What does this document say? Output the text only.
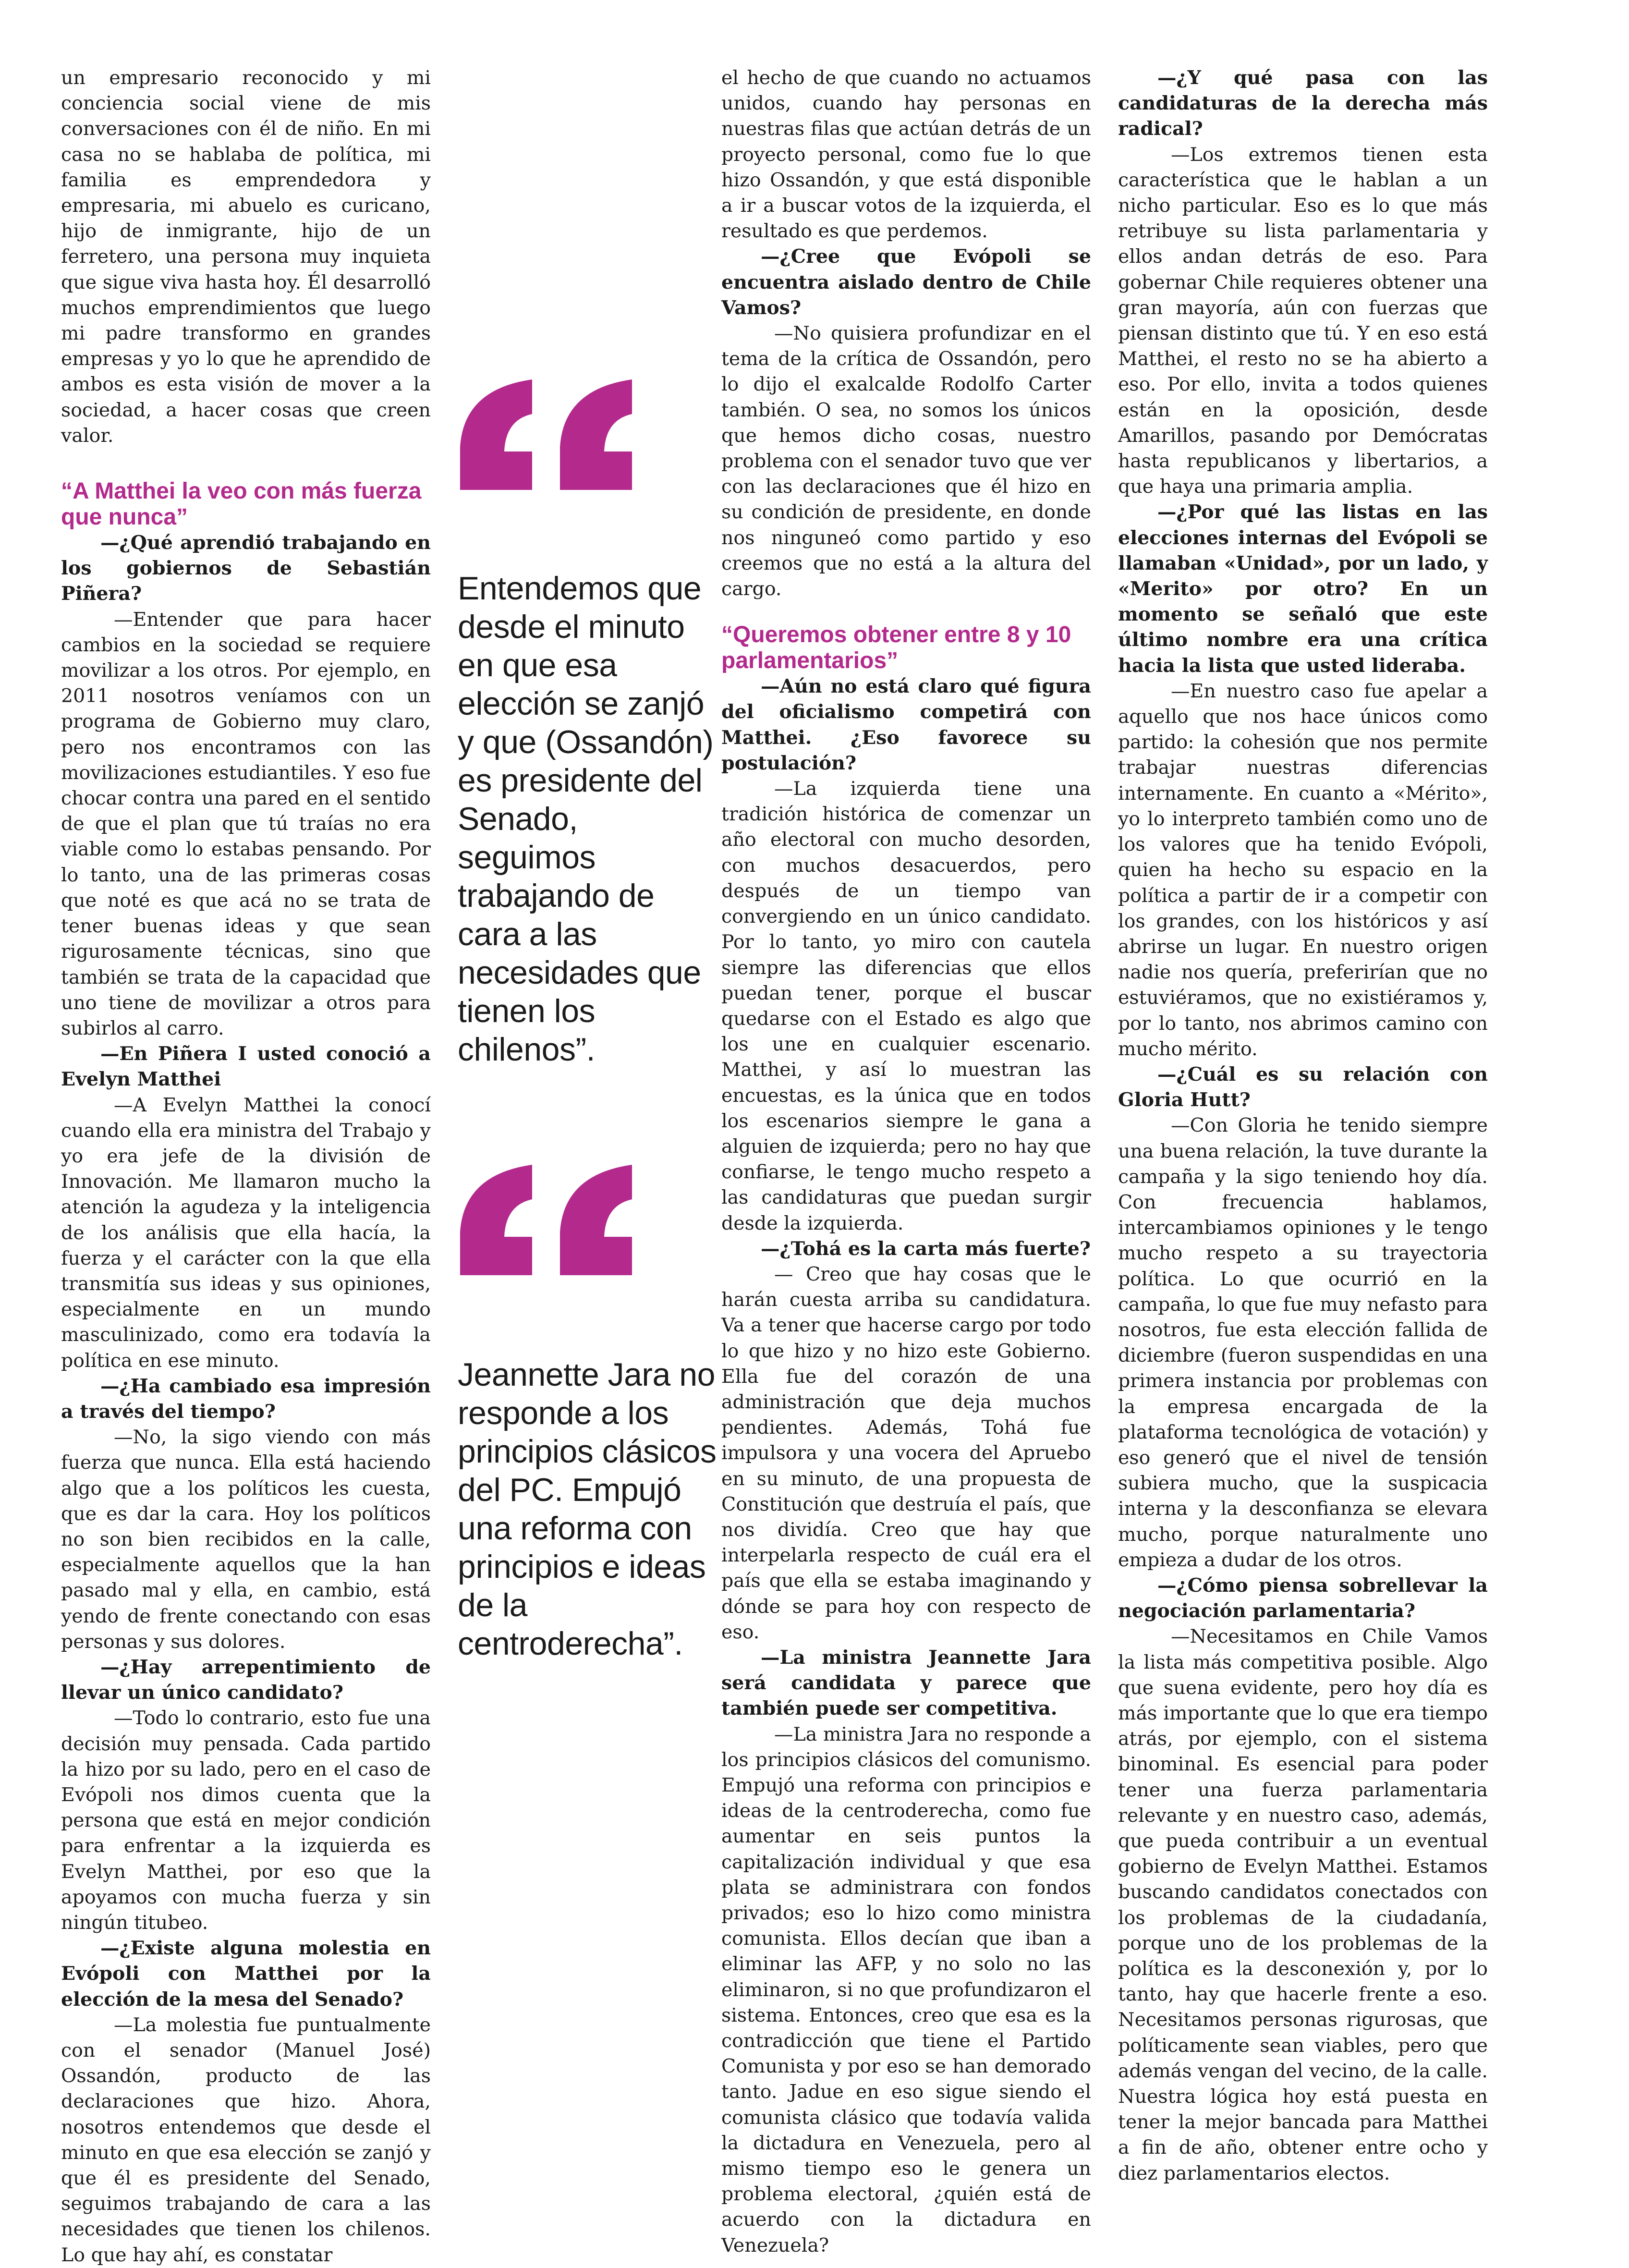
un empresario reconocido y mi conciencia social viene de mis conversaciones con él de niño. En mi casa no se hablaba de política, mi familia es emprendedora y empresaria, mi abuelo es curicano, hijo de inmigrante, hijo de un ferretero, una persona muy inquieta que sigue viva hasta hoy. Él desarrolló muchos emprendimientos que luego mi padre transformo en grandes empresas y yo lo que he aprendido de ambos es esta visión de mover a la sociedad, a hacer cosas que creen valor.

“A Matthei la veo con más fuerza que nunca”

—¿Qué aprendió trabajando en los gobiernos de Sebastián Piñera?

—Entender que para hacer cambios en la sociedad se requiere movilizar a los otros. Por ejemplo, en 2011 nosotros veníamos con un programa de Gobierno muy claro, pero nos encontramos con las movilizaciones estudiantiles. Y eso fue chocar contra una pared en el sentido de que el plan que tú traías no era viable como lo estabas pensando. Por lo tanto, una de las primeras cosas que noté es que acá no se trata de tener buenas ideas y que sean rigurosamente técnicas, sino que también se trata de la capacidad que uno tiene de movilizar a otros para subirlos al carro.

—En Piñera I usted conoció a Evelyn Matthei

—A Evelyn Matthei la conocí cuando ella era ministra del Trabajo y yo era jefe de la división de Innovación. Me llamaron mucho la atención la agudeza y la inteligencia de los análisis que ella hacía, la fuerza y el carácter con la que ella transmitía sus ideas y sus opiniones, especialmente en un mundo masculinizado, como era todavía la política en ese minuto.

—¿Ha cambiado esa impresión a través del tiempo?

—No, la sigo viendo con más fuerza que nunca. Ella está haciendo algo que a los políticos les cuesta, que es dar la cara. Hoy los políticos no son bien recibidos en la calle, especialmente aquellos que la han pasado mal y ella, en cambio, está yendo de frente conectando con esas personas y sus dolores.

—¿Hay arrepentimiento de llevar un único candidato?

—Todo lo contrario, esto fue una decisión muy pensada. Cada partido la hizo por su lado, pero en el caso de Evópoli nos dimos cuenta que la persona que está en mejor condición para enfrentar a la izquierda es Evelyn Matthei, por eso que la apoyamos con mucha fuerza y sin ningún titubeo.

—¿Existe alguna molestia en Evópoli con Matthei por la elección de la mesa del Senado?

—La molestia fue puntualmente con el senador (Manuel José) Ossandón, producto de las declaraciones que hizo. Ahora, nosotros entendemos que desde el minuto en que esa elección se zanjó y que él es presidente del Senado, seguimos trabajando de cara a las necesidades que tienen los chilenos. Lo que hay ahí, es constatar

Entendemos que desde el minuto en que esa elección se zanjó y que (Ossandón) es presidente del Senado, seguimos trabajando de cara a las necesidades que tienen los chilenos”.
Jeannette Jara no responde a los principios clásicos del PC. Empujó una reforma con principios e ideas de la centroderecha”.

el hecho de que cuando no actuamos unidos, cuando hay personas en nuestras filas que actúan detrás de un proyecto personal, como fue lo que hizo Ossandón, y que está disponible a ir a buscar votos de la izquierda, el resultado es que perdemos.

—¿Cree que Evópoli se encuentra aislado dentro de Chile Vamos?

—No quisiera profundizar en el tema de la crítica de Ossandón, pero lo dijo el exalcalde Rodolfo Carter también. O sea, no somos los únicos que hemos dicho cosas, nuestro problema con el senador tuvo que ver con las declaraciones que él hizo en su condición de presidente, en donde nos ninguneó como partido y eso creemos que no está a la altura del cargo.

“Queremos obtener entre 8 y 10 parlamentarios”

—Aún no está claro qué figura del oficialismo competirá con Matthei. ¿Eso favorece su postulación?

—La izquierda tiene una tradición histórica de comenzar un año electoral con mucho desorden, con muchos desacuerdos, pero después de un tiempo van convergiendo en un único candidato. Por lo tanto, yo miro con cautela siempre las diferencias que ellos puedan tener, porque el buscar quedarse con el Estado es algo que los une en cualquier escenario. Matthei, y así lo muestran las encuestas, es la única que en todos los escenarios siempre le gana a alguien de izquierda; pero no hay que confiarse, le tengo mucho respeto a las candidaturas que puedan surgir desde la izquierda.

—¿Tohá es la carta más fuerte?

— Creo que hay cosas que le harán cuesta arriba su candidatura. Va a tener que hacerse cargo por todo lo que hizo y no hizo este Gobierno. Ella fue del corazón de una administración que deja muchos pendientes. Además, Tohá fue impulsora y una vocera del Apruebo en su minuto, de una propuesta de Constitución que destruía el país, que nos dividía. Creo que hay que interpelarla respecto de cuál era el país que ella se estaba imaginando y dónde se para hoy con respecto de eso.

—La ministra Jeannette Jara será candidata y parece que también puede ser competitiva.

—La ministra Jara no responde a los principios clásicos del comunismo. Empujó una reforma con principios e ideas de la centroderecha, como fue aumentar en seis puntos la capitalización individual y que esa plata se administrara con fondos privados; eso lo hizo como ministra comunista. Ellos decían que iban a eliminar las AFP, y no solo no las eliminaron, si no que profundizaron el sistema. Entonces, creo que esa es la contradicción que tiene el Partido Comunista y por eso se han demorado tanto. Jadue en eso sigue siendo el comunista clásico que todavía valida la dictadura en Venezuela, pero al mismo tiempo eso le genera un problema electoral, ¿quién está de acuerdo con la dictadura en Venezuela?

—¿Y qué pasa con las candidaturas de la derecha más radical?

—Los extremos tienen esta característica que le hablan a un nicho particular. Eso es lo que más retribuye su lista parlamentaria y ellos andan detrás de eso. Para gobernar Chile requieres obtener una gran mayoría, aún con fuerzas que piensan distinto que tú. Y en eso está Matthei, el resto no se ha abierto a eso. Por ello, invita a todos quienes están en la oposición, desde Amarillos, pasando por Demócratas hasta republicanos y libertarios, a que haya una primaria amplia.

—¿Por qué las listas en las elecciones internas del Evópoli se llamaban «Unidad», por un lado, y «Merito» por otro? En un momento se señaló que este último nombre era una crítica hacia la lista que usted lideraba.

—En nuestro caso fue apelar a aquello que nos hace únicos como partido: la cohesión que nos permite trabajar nuestras diferencias internamente. En cuanto a «Mérito», yo lo interpreto también como uno de los valores que ha tenido Evópoli, quien ha hecho su espacio en la política a partir de ir a competir con los grandes, con los históricos y así abrirse un lugar. En nuestro origen nadie nos quería, preferirían que no estuviéramos, que no existiéramos y, por lo tanto, nos abrimos camino con mucho mérito.

—¿Cuál es su relación con Gloria Hutt?

—Con Gloria he tenido siempre una buena relación, la tuve durante la campaña y la sigo teniendo hoy día. Con frecuencia hablamos, intercambiamos opiniones y le tengo mucho respeto a su trayectoria política. Lo que ocurrió en la campaña, lo que fue muy nefasto para nosotros, fue esta elección fallida de diciembre (fueron suspendidas en una primera instancia por problemas con la empresa encargada de la plataforma tecnológica de votación) y eso generó que el nivel de tensión subiera mucho, que la suspicacia interna y la desconfianza se elevara mucho, porque naturalmente uno empieza a dudar de los otros.

—¿Cómo piensa sobrellevar la negociación parlamentaria?

—Necesitamos en Chile Vamos la lista más competitiva posible. Algo que suena evidente, pero hoy día es más importante que lo que era tiempo atrás, por ejemplo, con el sistema binominal. Es esencial para poder tener una fuerza parlamentaria relevante y en nuestro caso, además, que pueda contribuir a un eventual gobierno de Evelyn Matthei. Estamos buscando candidatos conectados con los problemas de la ciudadanía, porque uno de los problemas de la política es la desconexión y, por lo tanto, hay que hacerle frente a eso. Necesitamos personas rigurosas, que políticamente sean viables, pero que además vengan del vecino, de la calle. Nuestra lógica hoy está puesta en tener la mejor bancada para Matthei a fin de año, obtener entre ocho y diez parlamentarios electos.
